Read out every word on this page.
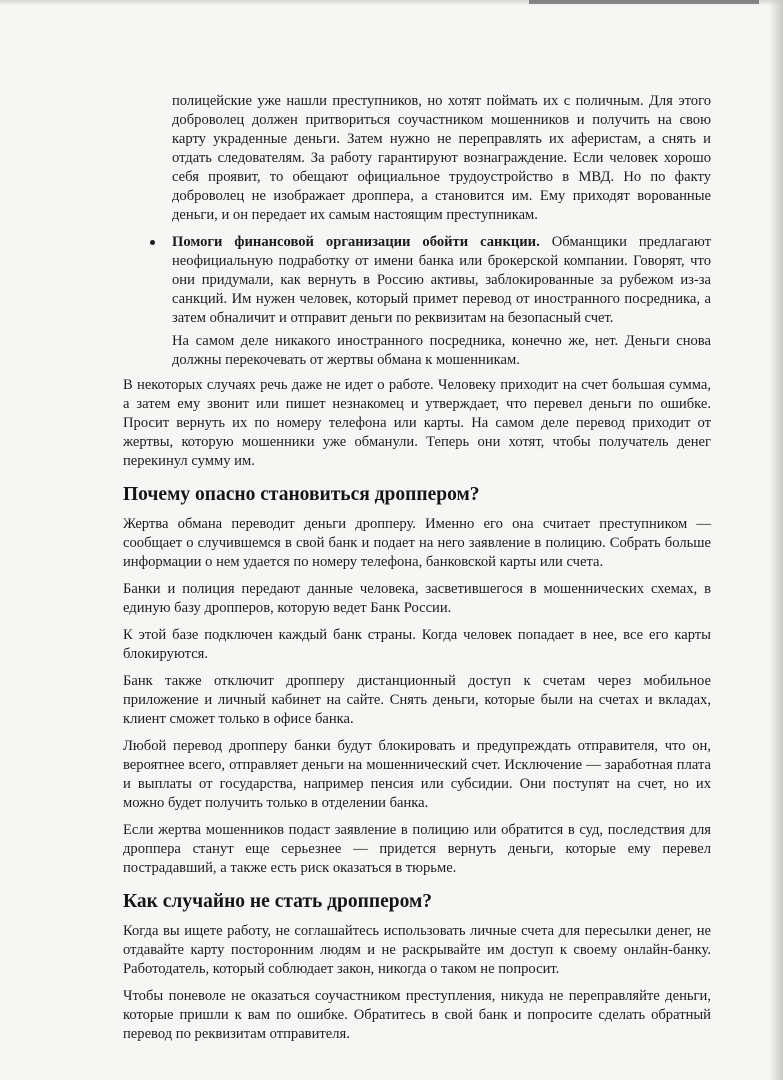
полицейские уже нашли преступников, но хотят поймать их с поличным. Для этого доброволец должен притвориться соучастником мошенников и получить на свою карту украденные деньги. Затем нужно не переправлять их аферистам, а снять и отдать следователям. За работу гарантируют вознаграждение. Если человек хорошо себя проявит, то обещают официальное трудоустройство в МВД. Но по факту доброволец не изображает дроппера, а становится им. Ему приходят ворованные деньги, и он передает их самым настоящим преступникам.

Помоги финансовой организации обойти санкции. Обманщики предлагают неофициальную подработку от имени банка или брокерской компании. Говорят, что они придумали, как вернуть в Россию активы, заблокированные за рубежом из-за санкций. Им нужен человек, который примет перевод от иностранного посредника, а затем обналичит и отправит деньги по реквизитам на безопасный счет.

На самом деле никакого иностранного посредника, конечно же, нет. Деньги снова должны перекочевать от жертвы обмана к мошенникам.

В некоторых случаях речь даже не идет о работе. Человеку приходит на счет большая сумма, а затем ему звонит или пишет незнакомец и утверждает, что перевел деньги по ошибке. Просит вернуть их по номеру телефона или карты. На самом деле перевод приходит от жертвы, которую мошенники уже обманули. Теперь они хотят, чтобы получатель денег перекинул сумму им.

Почему опасно становиться дроппером?

Жертва обмана переводит деньги дропперу. Именно его она считает преступником — сообщает о случившемся в свой банк и подает на него заявление в полицию. Собрать больше информации о нем удается по номеру телефона, банковской карты или счета.

Банки и полиция передают данные человека, засветившегося в мошеннических схемах, в единую базу дропперов, которую ведет Банк России.

К этой базе подключен каждый банк страны. Когда человек попадает в нее, все его карты блокируются.

Банк также отключит дропперу дистанционный доступ к счетам через мобильное приложение и личный кабинет на сайте. Снять деньги, которые были на счетах и вкладах, клиент сможет только в офисе банка.

Любой перевод дропперу банки будут блокировать и предупреждать отправителя, что он, вероятнее всего, отправляет деньги на мошеннический счет. Исключение — заработная плата и выплаты от государства, например пенсия или субсидии. Они поступят на счет, но их можно будет получить только в отделении банка.

Если жертва мошенников подаст заявление в полицию или обратится в суд, последствия для дроппера станут еще серьезнее — придется вернуть деньги, которые ему перевел пострадавший, а также есть риск оказаться в тюрьме.

Как случайно не стать дроппером?

Когда вы ищете работу, не соглашайтесь использовать личные счета для пересылки денег, не отдавайте карту посторонним людям и не раскрывайте им доступ к своему онлайн-банку. Работодатель, который соблюдает закон, никогда о таком не попросит.

Чтобы поневоле не оказаться соучастником преступления, никуда не переправляйте деньги, которые пришли к вам по ошибке. Обратитесь в свой банк и попросите сделать обратный перевод по реквизитам отправителя.
